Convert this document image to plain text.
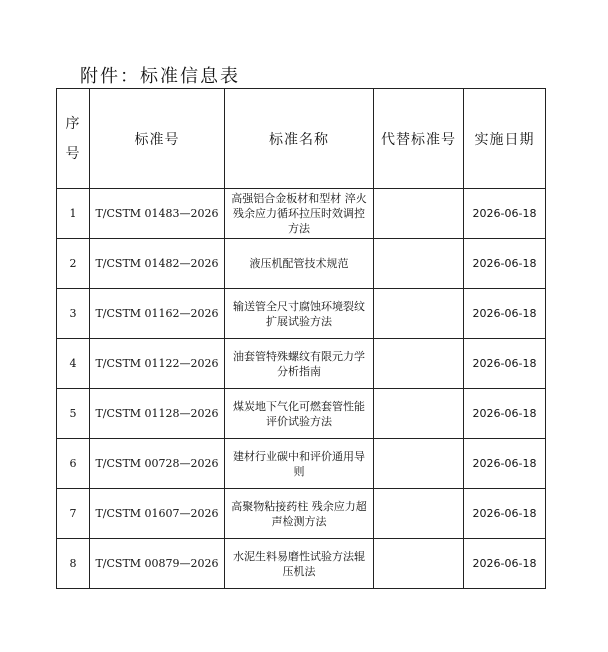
附件：标准信息表
序
号	标准号	标准名称	代替标准号	实施日期
1	T/CSTM 01483—2026	高强铝合金板材和型材 淬火残余应力循环拉压时效调控方法		2026-06-18
2	T/CSTM 01482—2026	液压机配管技术规范		2026-06-18
3	T/CSTM 01162—2026	输送管全尺寸腐蚀环境裂纹扩展试验方法		2026-06-18
4	T/CSTM 01122—2026	油套管特殊螺纹有限元力学分析指南		2026-06-18
5	T/CSTM 01128—2026	煤炭地下气化可燃套管性能评价试验方法		2026-06-18
6	T/CSTM 00728—2026	建材行业碳中和评价通用导则		2026-06-18
7	T/CSTM 01607—2026	高聚物粘接药柱 残余应力超声检测方法		2026-06-18
8	T/CSTM 00879—2026	水泥生料易磨性试验方法辊压机法		2026-06-18
